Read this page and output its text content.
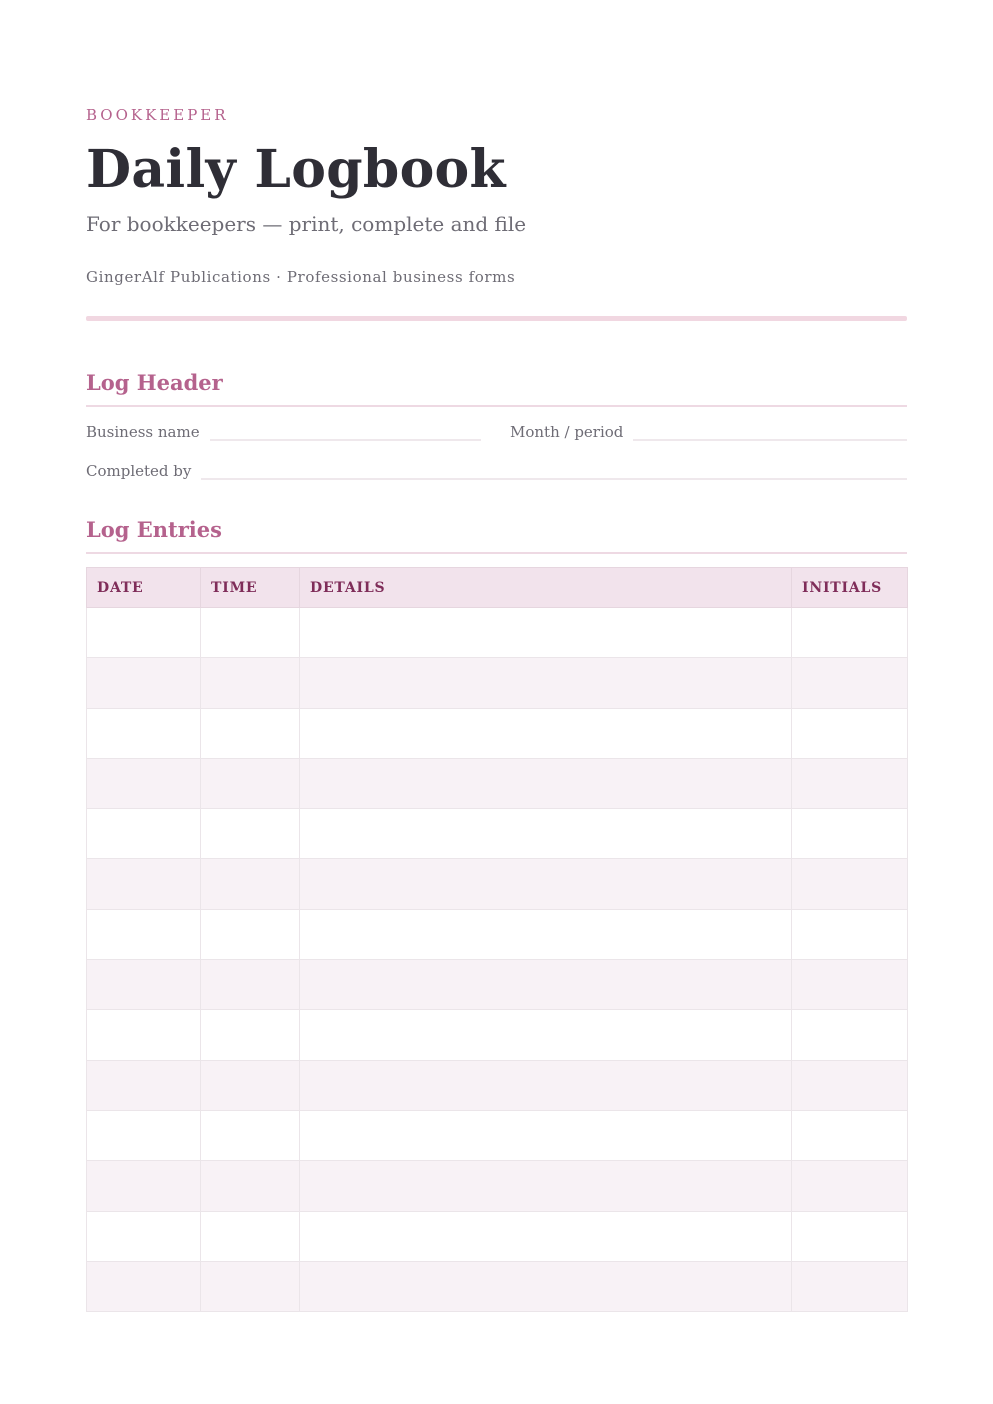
BOOKKEEPER
Daily Logbook
For bookkeepers — print, complete and file
GingerAlf Publications · Professional business forms
Log Header
Business name	Month / period
Completed by
Log Entries
DATE	TIME	DETAILS	INITIALS
